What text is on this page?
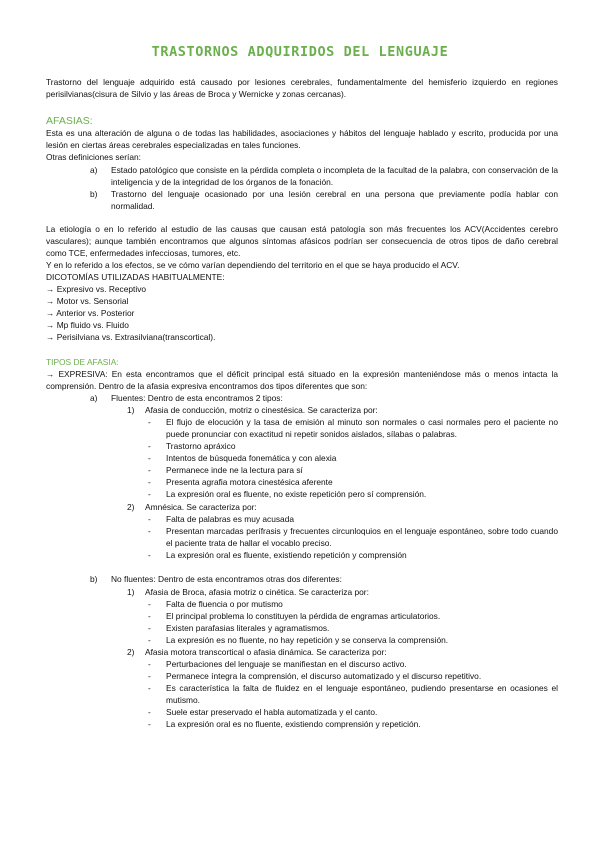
TRASTORNOS ADQUIRIDOS DEL LENGUAJE
Trastorno del lenguaje adquirido está causado por lesiones cerebrales, fundamentalmente del hemisferio izquierdo en regiones perisilvianas(cisura de Silvio y las áreas de Broca y Wernicke y zonas cercanas).
AFASIAS:
Esta es una alteración de alguna o de todas las habilidades, asociaciones y hábitos del lenguaje hablado y escrito, producida por una lesión en ciertas áreas cerebrales especializadas en tales funciones.
Otras definiciones serían:
a) Estado patológico que consiste en la pérdida completa o incompleta de la facultad de la palabra, con conservación de la inteligencia y de la integridad de los órganos de la fonación.
b) Trastorno del lenguaje ocasionado por una lesión cerebral en una persona que previamente podía hablar con normalidad.
La etiología o en lo referido al estudio de las causas que causan está patología son más frecuentes los ACV(Accidentes cerebro vasculares); aunque también encontramos que algunos síntomas afásicos podrían ser consecuencia de otros tipos de daño cerebral como TCE, enfermedades infecciosas, tumores, etc.
Y en lo referido a los efectos, se ve cómo varían dependiendo del territorio en el que se haya producido el ACV.
DICOTOMÍAS UTILIZADAS HABITUALMENTE:
→ Expresivo vs. Receptivo
→ Motor vs. Sensorial
→ Anterior vs. Posterior
→ Mp fluido vs. Fluido
→ Perisilviana vs. Extrasilviana(transcortical).
TIPOS DE AFASIA:
→ EXPRESIVA: En esta encontramos que el déficit principal está situado en la expresión manteniéndose más o menos intacta la comprensión. Dentro de la afasia expresiva encontramos dos tipos diferentes que son:
a) Fluentes: Dentro de esta encontramos 2 tipos:
1) Afasia de conducción, motriz o cinestésica. Se caracteriza por:
- El flujo de elocución y la tasa de emisión al minuto son normales o casi normales pero el paciente no puede pronunciar con exactitud ni repetir sonidos aislados, sílabas o palabras.
- Trastorno apráxico
- Intentos de búsqueda fonemática y con alexia
- Permanece inde ne la lectura para sí
- Presenta agrafia motora cinestésica aferente
- La expresión oral es fluente, no existe repetición pero sí comprensión.
2) Amnésica. Se caracteriza por:
- Falta de palabras es muy acusada
- Presentan marcadas perífrasis y frecuentes circunloquios en el lenguaje espontáneo, sobre todo cuando el paciente trata de hallar el vocablo preciso.
- La expresión oral es fluente, existiendo repetición y comprensión
b) No fluentes: Dentro de esta encontramos otras dos diferentes:
1) Afasia de Broca, afasia motriz o cinética. Se caracteriza por:
- Falta de fluencia o por mutismo
- El principal problema lo constituyen la pérdida de engramas articulatorios.
- Existen parafasias literales y agramatismos.
- La expresión es no fluente, no hay repetición y se conserva la comprensión.
2) Afasia motora transcortical o afasia dinámica. Se caracteriza por:
- Perturbaciones del lenguaje se manifiestan en el discurso activo.
- Permanece íntegra la comprensión, el discurso automatizado y el discurso repetitivo.
- Es característica la falta de fluidez en el lenguaje espontáneo, pudiendo presentarse en ocasiones el mutismo.
- Suele estar preservado el habla automatizada y el canto.
- La expresión oral es no fluente, existiendo comprensión y repetición.
